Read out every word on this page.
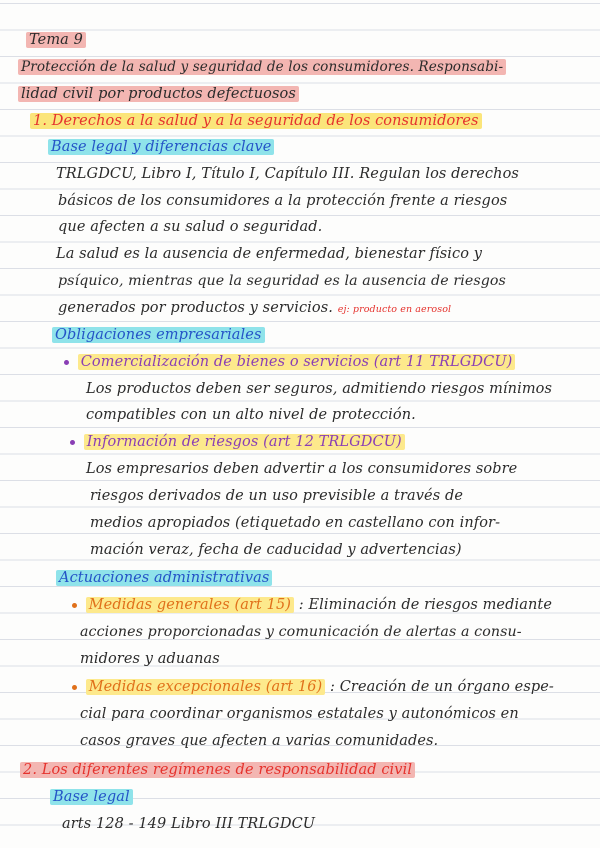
Tema 9
Protección de la salud y seguridad de los consumidores. Responsabi-
lidad civil por productos defectuosos
1. Derechos a la salud y a la seguridad de los consumidores
Base legal y diferencias clave
TRLGDCU, Libro I, Título I, Capítulo III. Regulan los derechos
básicos de los consumidores a la protección frente a riesgos
que afecten a su salud o seguridad.
La salud es la ausencia de enfermedad, bienestar físico y
psíquico, mientras que la seguridad es la ausencia de riesgos
generados por productos y servicios. ej: producto en aerosol
Obligaciones empresariales
Comercialización de bienes o servicios (art 11 TRLGDCU)
Los productos deben ser seguros, admitiendo riesgos mínimos
compatibles con un alto nivel de protección.
Información de riesgos (art 12 TRLGDCU)
Los empresarios deben advertir a los consumidores sobre
riesgos derivados de un uso previsible a través de
medios apropiados (etiquetado en castellano con infor-
mación veraz, fecha de caducidad y advertencias)
Actuaciones administrativas
Medidas generales (art 15) : Eliminación de riesgos mediante
acciones proporcionadas y comunicación de alertas a consu-
midores y aduanas
Medidas excepcionales (art 16) : Creación de un órgano espe-
cial para coordinar organismos estatales y autonómicos en
casos graves que afecten a varias comunidades.
2. Los diferentes regímenes de responsabilidad civil
Base legal
arts 128 - 149 Libro III TRLGDCU
